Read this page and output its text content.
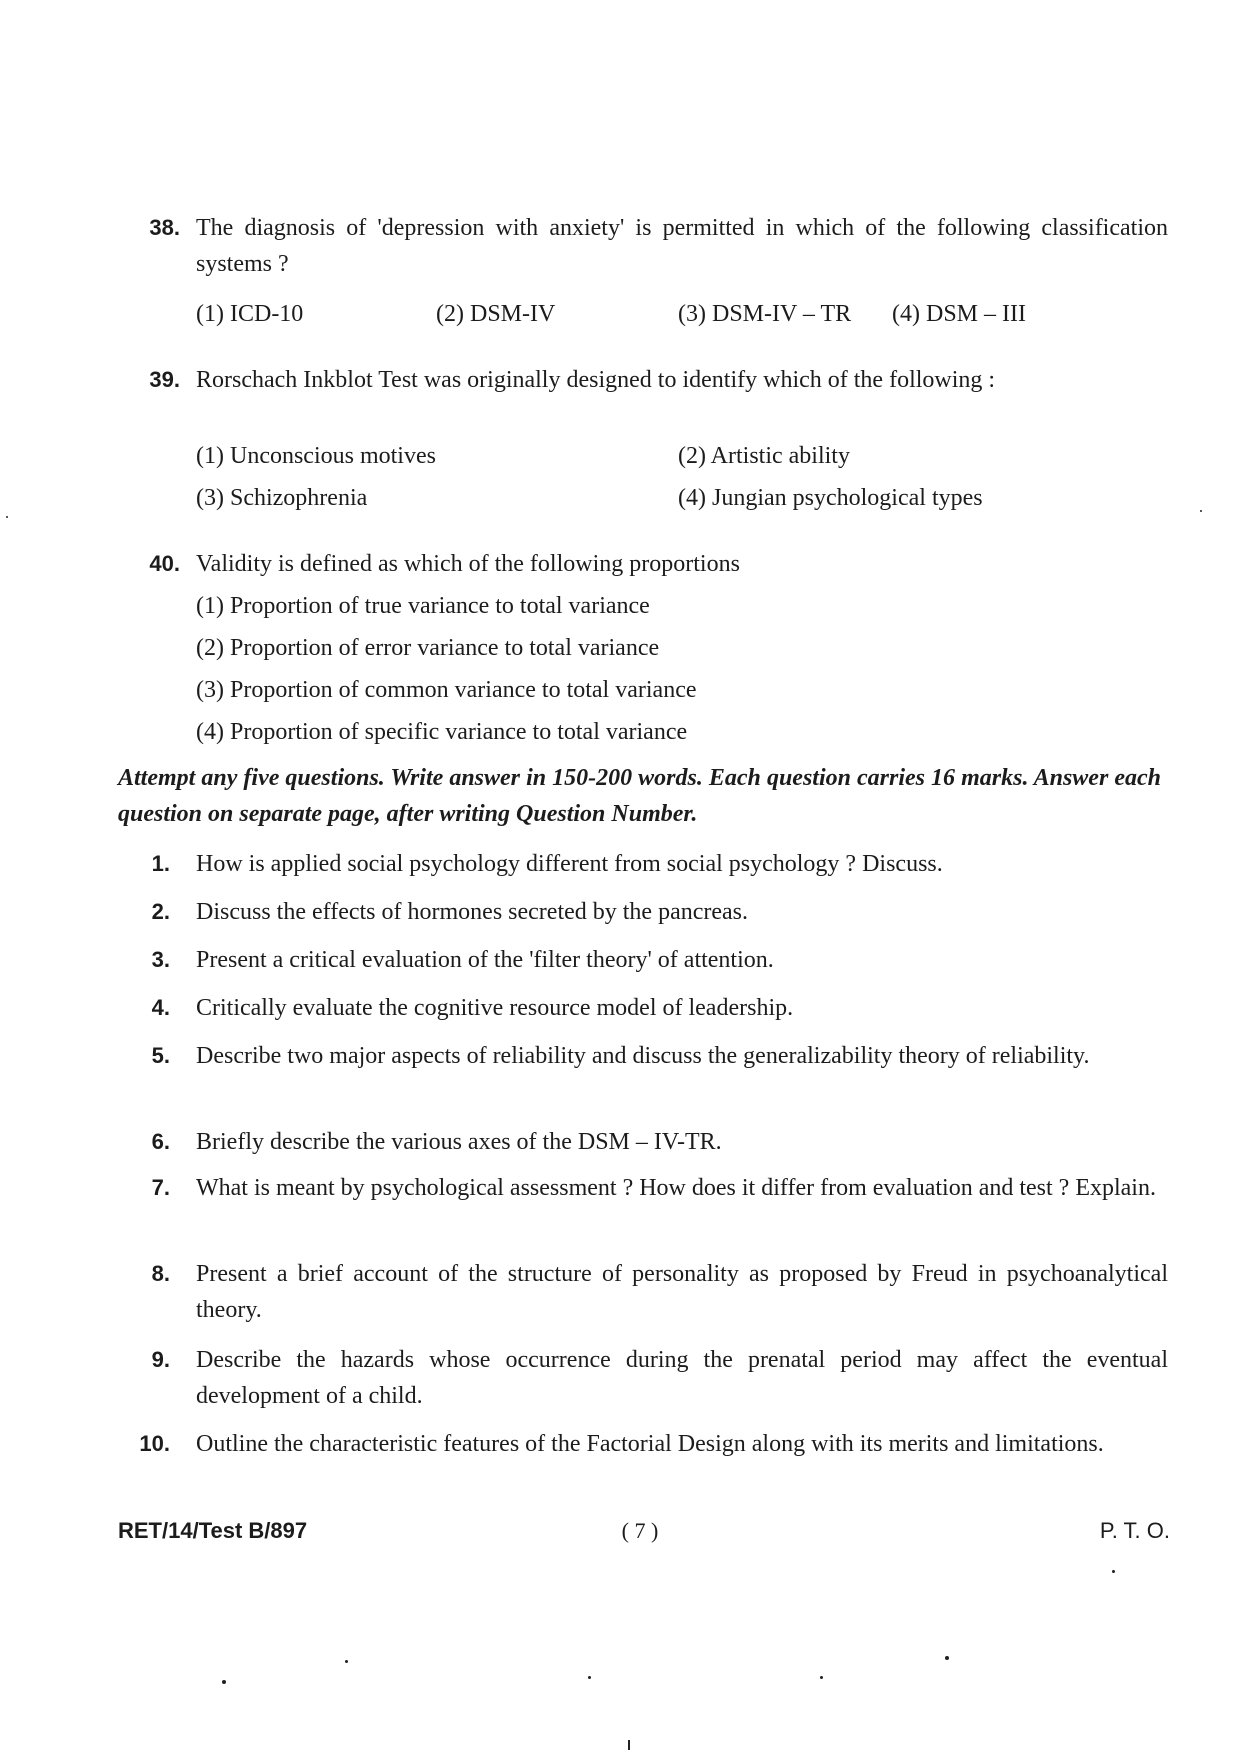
38. The diagnosis of 'depression with anxiety' is permitted in which of the following classification systems ?
(1) ICD-10	(2) DSM-IV	(3) DSM-IV – TR (4) DSM – III
39. Rorschach Inkblot Test was originally designed to identify which of the following :
(1) Unconscious motives	(2) Artistic ability
(3) Schizophrenia	(4) Jungian psychological types
40. Validity is defined as which of the following proportions
(1) Proportion of true variance to total variance
(2) Proportion of error variance to total variance
(3) Proportion of common variance to total variance
(4) Proportion of specific variance to total variance
Attempt any five questions. Write answer in 150-200 words. Each question carries 16 marks. Answer each question on separate page, after writing Question Number.
1. How is applied social psychology different from social psychology ? Discuss.
2. Discuss the effects of hormones secreted by the pancreas.
3. Present a critical evaluation of the 'filter theory' of attention.
4. Critically evaluate the cognitive resource model of leadership.
5. Describe two major aspects of reliability and discuss the generalizability theory of reliability.
6. Briefly describe the various axes of the DSM – IV-TR.
7. What is meant by psychological assessment ? How does it differ from evaluation and test ? Explain.
8. Present a brief account of the structure of personality as proposed by Freud in psychoanalytical theory.
9. Describe the hazards whose occurrence during the prenatal period may affect the eventual development of a child.
10. Outline the characteristic features of the Factorial Design along with its merits and limitations.
RET/14/Test B/897	( 7 )	P. T. O.
